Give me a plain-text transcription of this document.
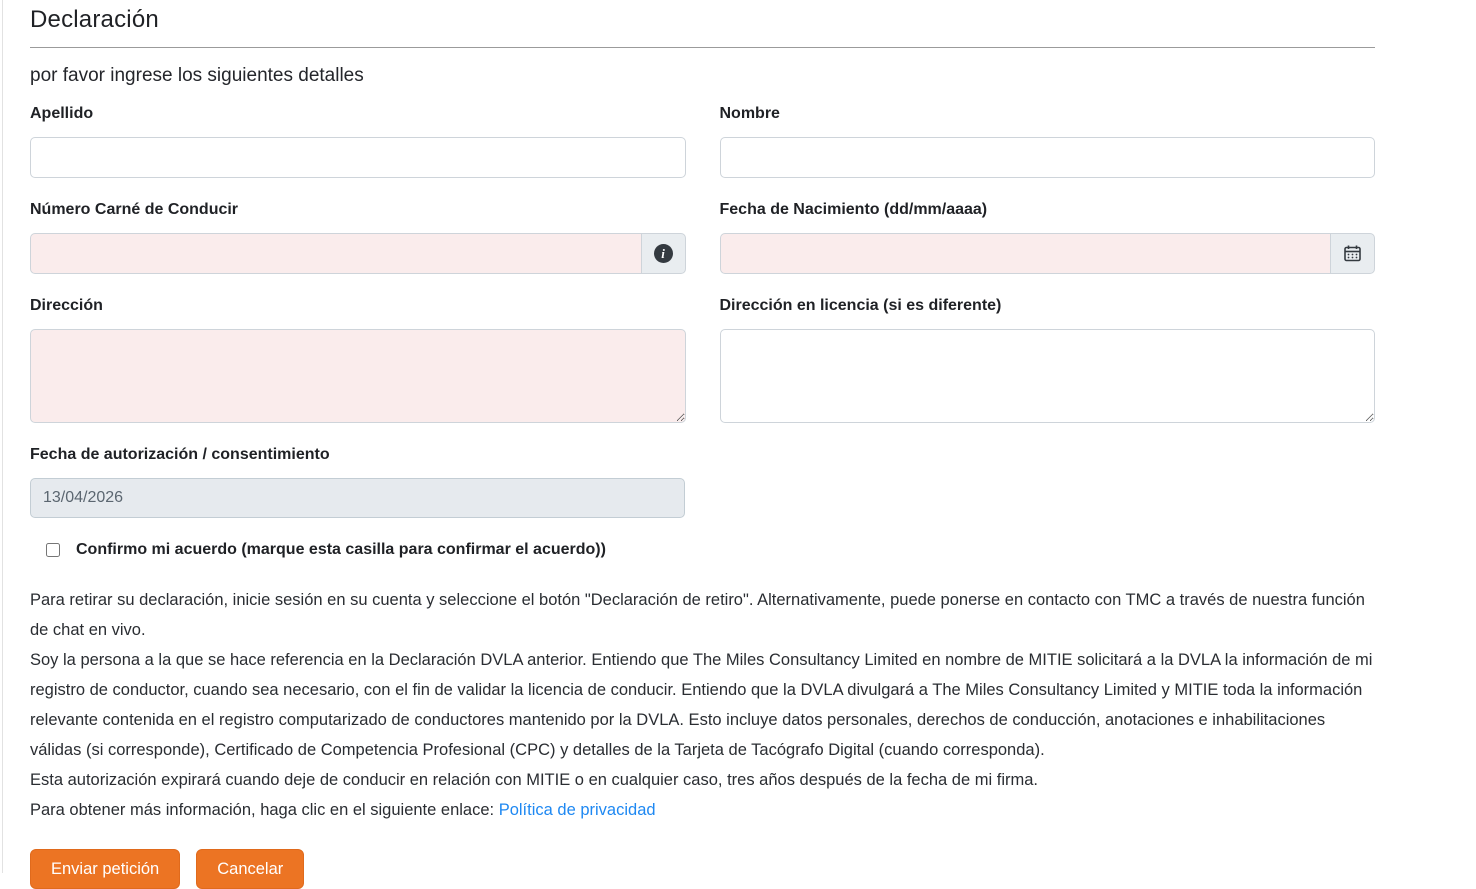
Declaración

por favor ingrese los siguientes detalles

Apellido	Nombre
Número Carné de Conducir
i
Fecha de Nacimiento (dd/mm/aaaa)
Dirección	Dirección en licencia (si es diferente)
Fecha de autorización / consentimiento
13/04/2026
Confirmo mi acuerdo (marque esta casilla para confirmar el acuerdo))

Para retirar su declaración, inicie sesión en su cuenta y seleccione el botón "Declaración de retiro". Alternativamente, puede ponerse en contacto con TMC a través de nuestra función de chat en vivo.

Soy la persona a la que se hace referencia en la Declaración DVLA anterior. Entiendo que The Miles Consultancy Limited en nombre de MITIE solicitará a la DVLA la información de mi registro de conductor, cuando sea necesario, con el fin de validar la licencia de conducir. Entiendo que la DVLA divulgará a The Miles Consultancy Limited y MITIE toda la información relevante contenida en el registro computarizado de conductores mantenido por la DVLA. Esto incluye datos personales, derechos de conducción, anotaciones e inhabilitaciones válidas (si corresponde), Certificado de Competencia Profesional (CPC) y detalles de la Tarjeta de Tacógrafo Digital (cuando corresponda).

Esta autorización expirará cuando deje de conducir en relación con MITIE o en cualquier caso, tres años después de la fecha de mi firma.

Para obtener más información, haga clic en el siguiente enlace: Política de privacidad

Enviar petición	Cancelar
